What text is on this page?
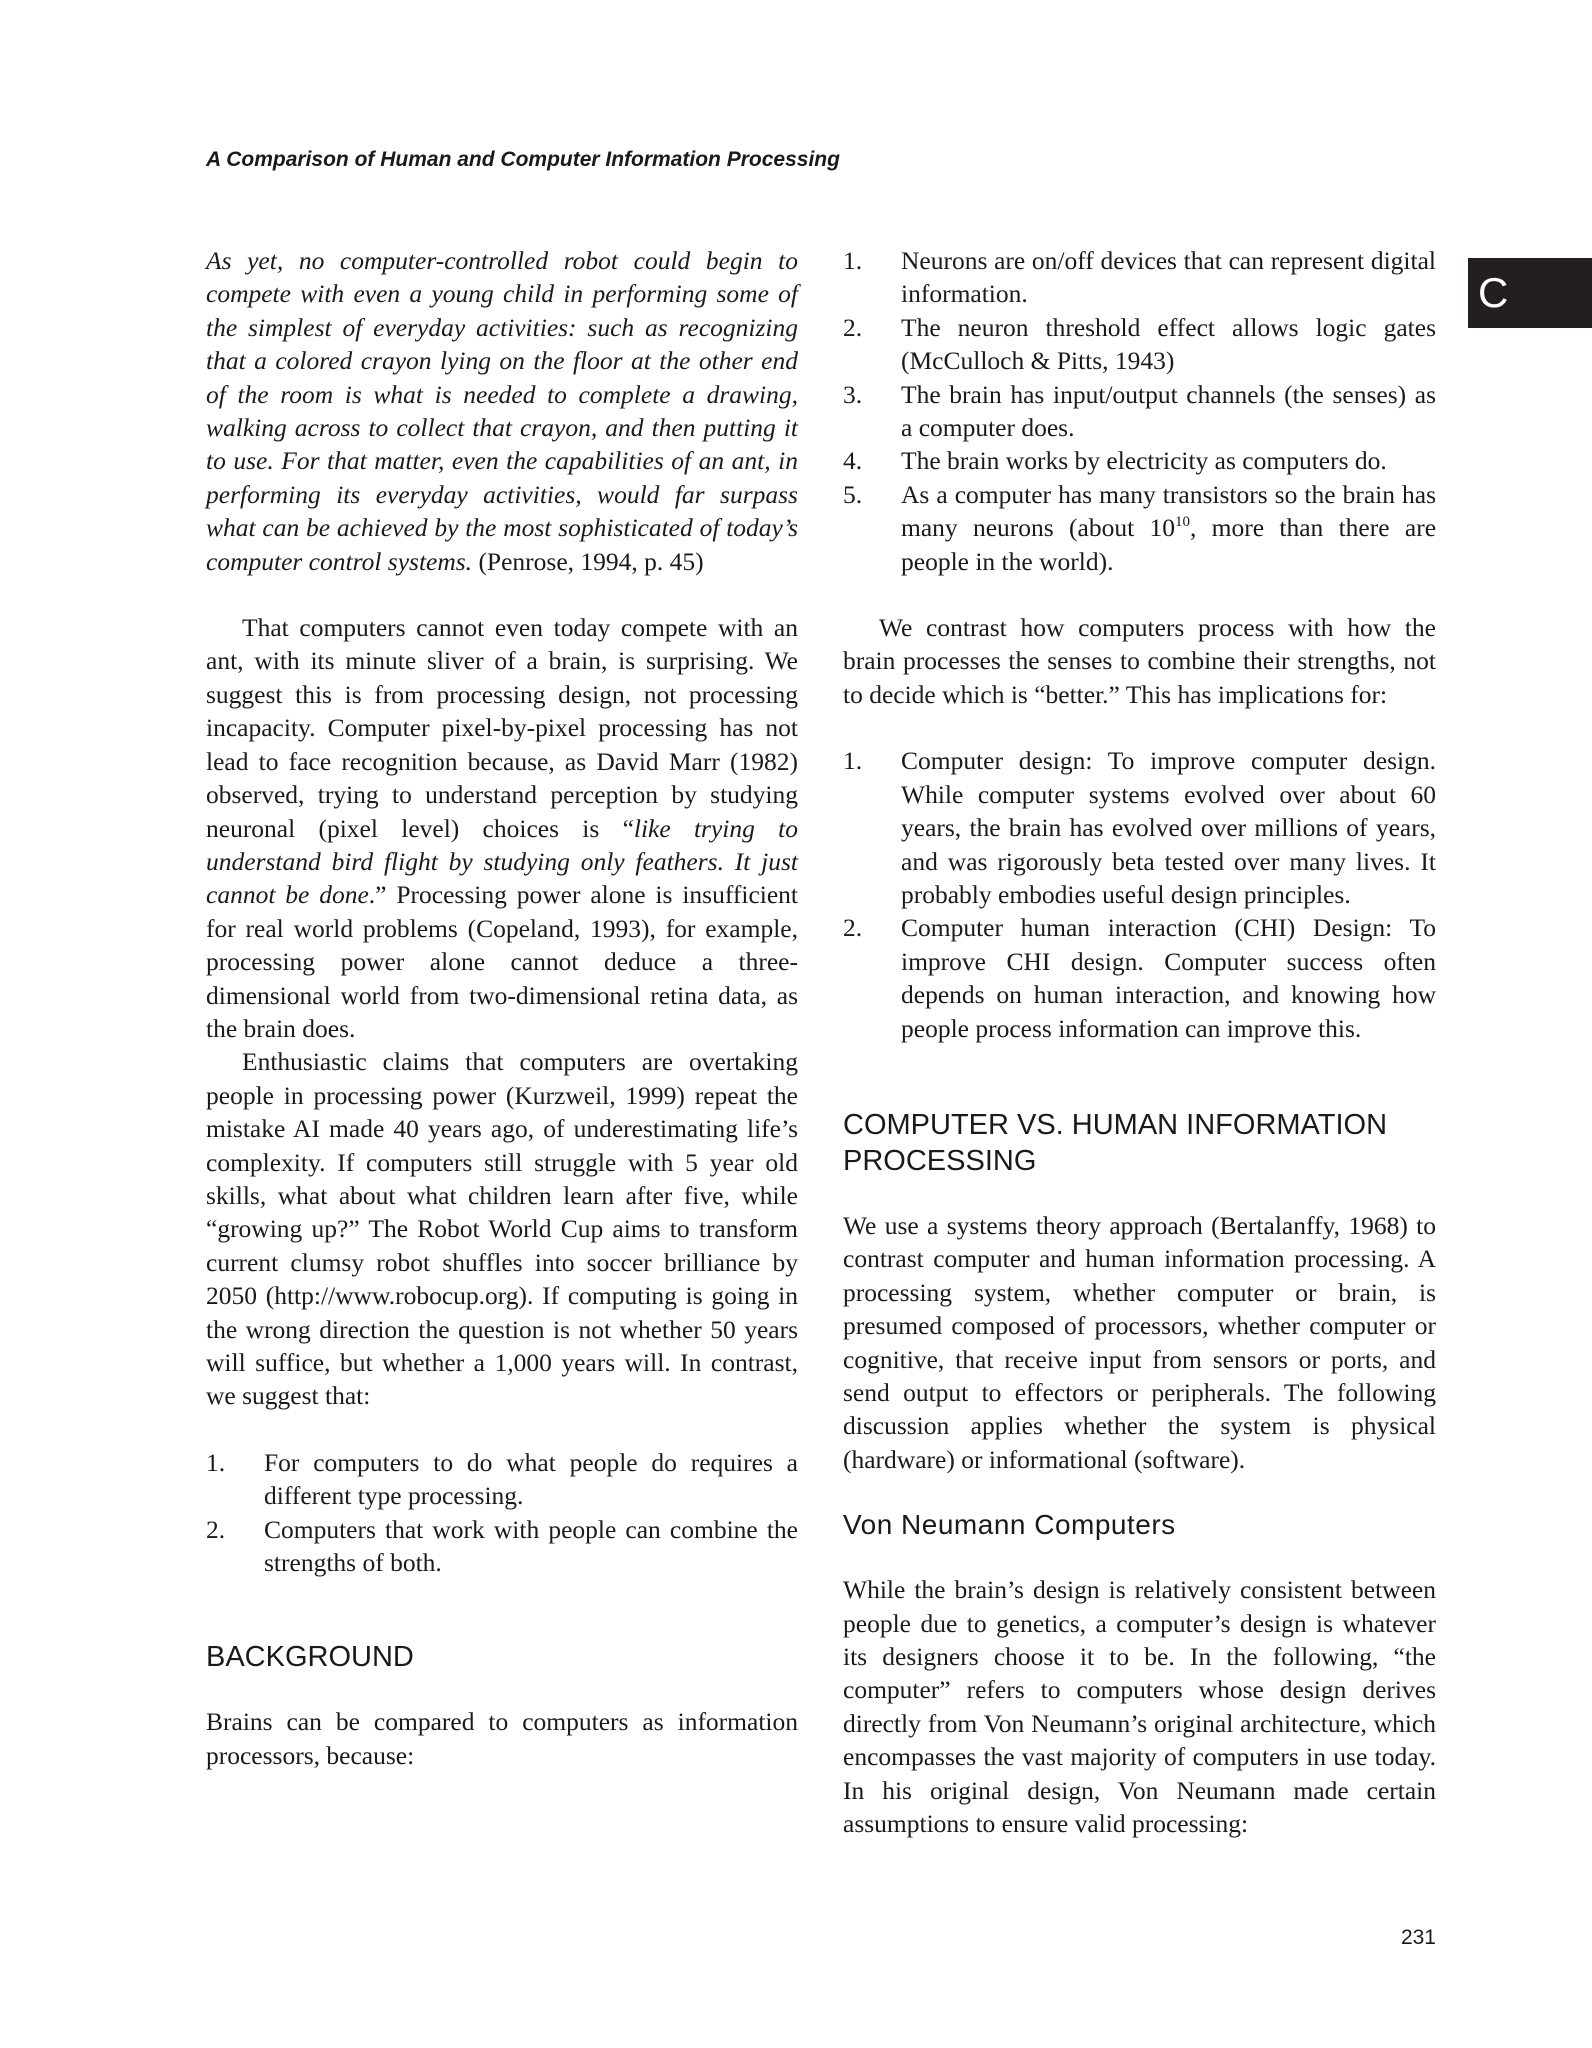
A Comparison of Human and Computer Information Processing
C

As yet, no computer-controlled robot could begin to compete with even a young child in performing some of the simplest of everyday activities: such as recognizing that a colored crayon lying on the floor at the other end of the room is what is needed to complete a drawing, walking across to collect that crayon, and then putting it to use. For that matter, even the capabilities of an ant, in performing its everyday activities, would far surpass what can be achieved by the most sophisticated of today’s computer control systems. (Penrose, 1994, p. 45)

That computers cannot even today compete with an ant, with its minute sliver of a brain, is surprising. We suggest this is from processing design, not processing incapacity. Computer pixel-by-pixel processing has not lead to face recognition because, as David Marr (1982) observed, trying to understand perception by studying neuronal (pixel level) choices is “like trying to understand bird flight by studying only feathers. It just cannot be done.” Processing power alone is insufficient for real world problems (Copeland, 1993), for example, processing power alone cannot deduce a three-dimensional world from two-dimensional retina data, as the brain does.

Enthusiastic claims that computers are overtaking people in processing power (Kurzweil, 1999) repeat the mistake AI made 40 years ago, of underestimating life’s complexity. If computers still struggle with 5 year old skills, what about what children learn after five, while “growing up?” The Robot World Cup aims to transform current clumsy robot shuffles into soccer brilliance by 2050 (http://www.robocup.org). If computing is going in the wrong direction the question is not whether 50 years will suffice, but whether a 1,000 years will. In contrast, we suggest that:

1. For computers to do what people do requires a different type processing.
2. Computers that work with people can combine the strengths of both.
BACKGROUND

Brains can be compared to computers as information processors, because:

1. Neurons are on/off devices that can represent digital information.
2. The neuron threshold effect allows logic gates (McCulloch & Pitts, 1943)
3. The brain has input/output channels (the senses) as a computer does.
4. The brain works by electricity as computers do.
5. As a computer has many transistors so the brain has many neurons (about $10^{10}$, more than there are people in the world).

We contrast how computers process with how the brain processes the senses to combine their strengths, not to decide which is “better.” This has implications for:

1. Computer design: To improve computer design. While computer systems evolved over about 60 years, the brain has evolved over millions of years, and was rigorously beta tested over many lives. It probably embodies useful design principles.
2. Computer human interaction (CHI) Design: To improve CHI design. Computer success often depends on human interaction, and knowing how people process information can improve this.
COMPUTER VS. HUMAN INFORMATION PROCESSING

We use a systems theory approach (Bertalanffy, 1968) to contrast computer and human information processing. A processing system, whether computer or brain, is presumed composed of processors, whether computer or cognitive, that receive input from sensors or ports, and send output to effectors or peripherals. The following discussion applies whether the system is physical (hardware) or informational (software).

Von Neumann Computers

While the brain’s design is relatively consistent between people due to genetics, a computer’s design is whatever its designers choose it to be. In the following, “the computer” refers to computers whose design derives directly from Von Neumann’s original architecture, which encompasses the vast majority of computers in use today. In his original design, Von Neumann made certain assumptions to ensure valid processing:

231
